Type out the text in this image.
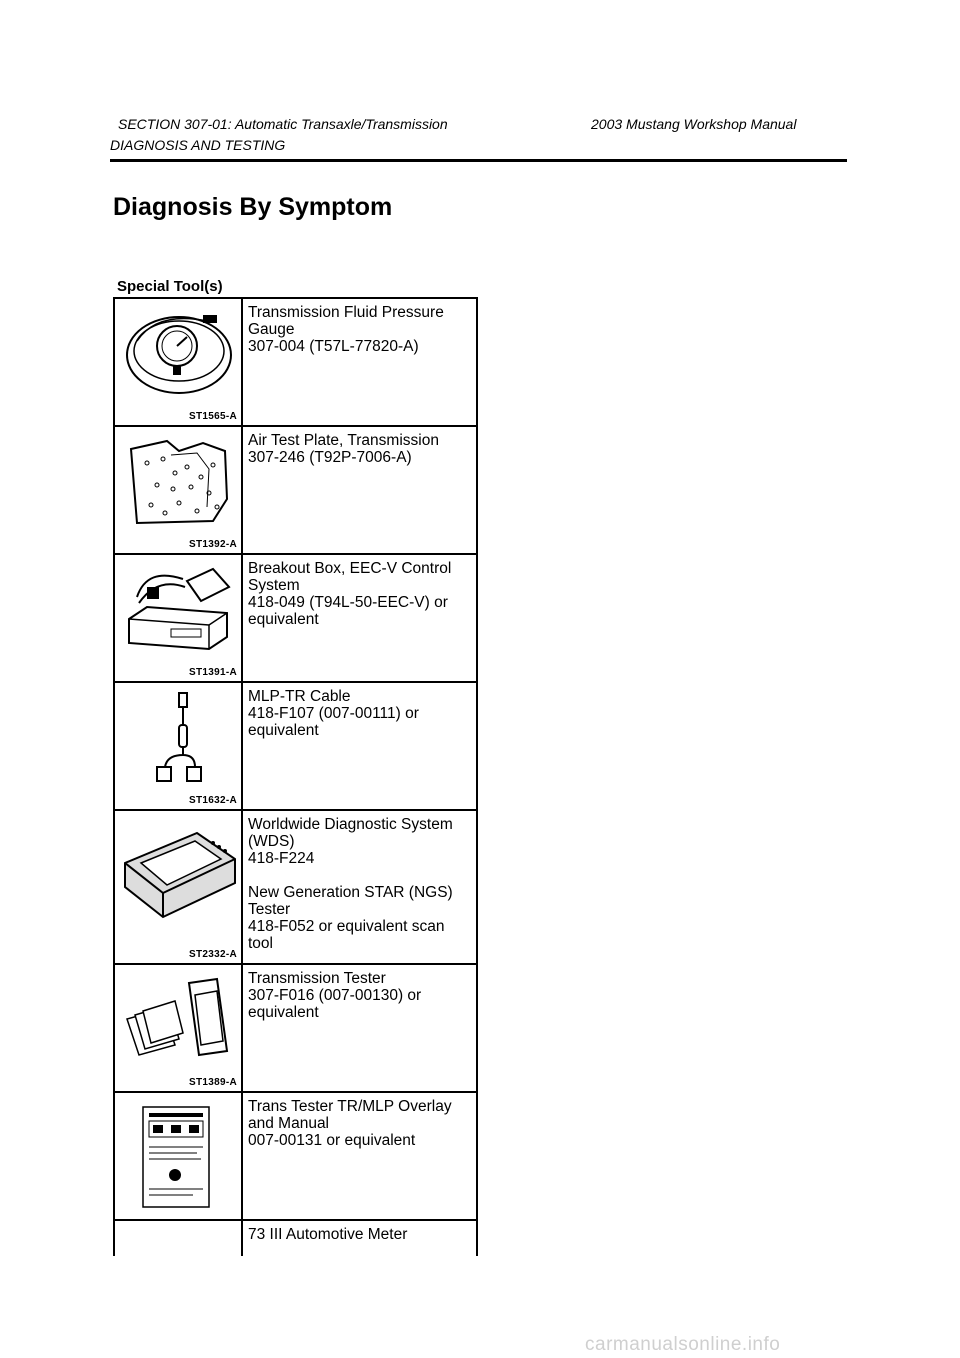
SECTION 307-01: Automatic Transaxle/Transmission	2003 Mustang Workshop Manual
DIAGNOSIS AND TESTING
Diagnosis By Symptom
Special Tool(s)
ST1565-A
Transmission Fluid Pressure
Gauge
307-004 (T57L-77820-A)
ST1392-A
Air Test Plate, Transmission
307-246 (T92P-7006-A)
ST1391-A
Breakout Box, EEC-V Control
System
418-049 (T94L-50-EEC-V) or
equivalent
ST1632-A
MLP-TR Cable
418-F107 (007-00111) or
equivalent
ST2332-A
Worldwide Diagnostic System
(WDS)
418-F224

New Generation STAR (NGS)
Tester
418-F052 or equivalent scan
tool
ST1389-A
Transmission Tester
307-F016 (007-00130) or
equivalent
Trans Tester TR/MLP Overlay
and Manual
007-00131 or equivalent
73 III Automotive Meter
carmanualsonline.info
